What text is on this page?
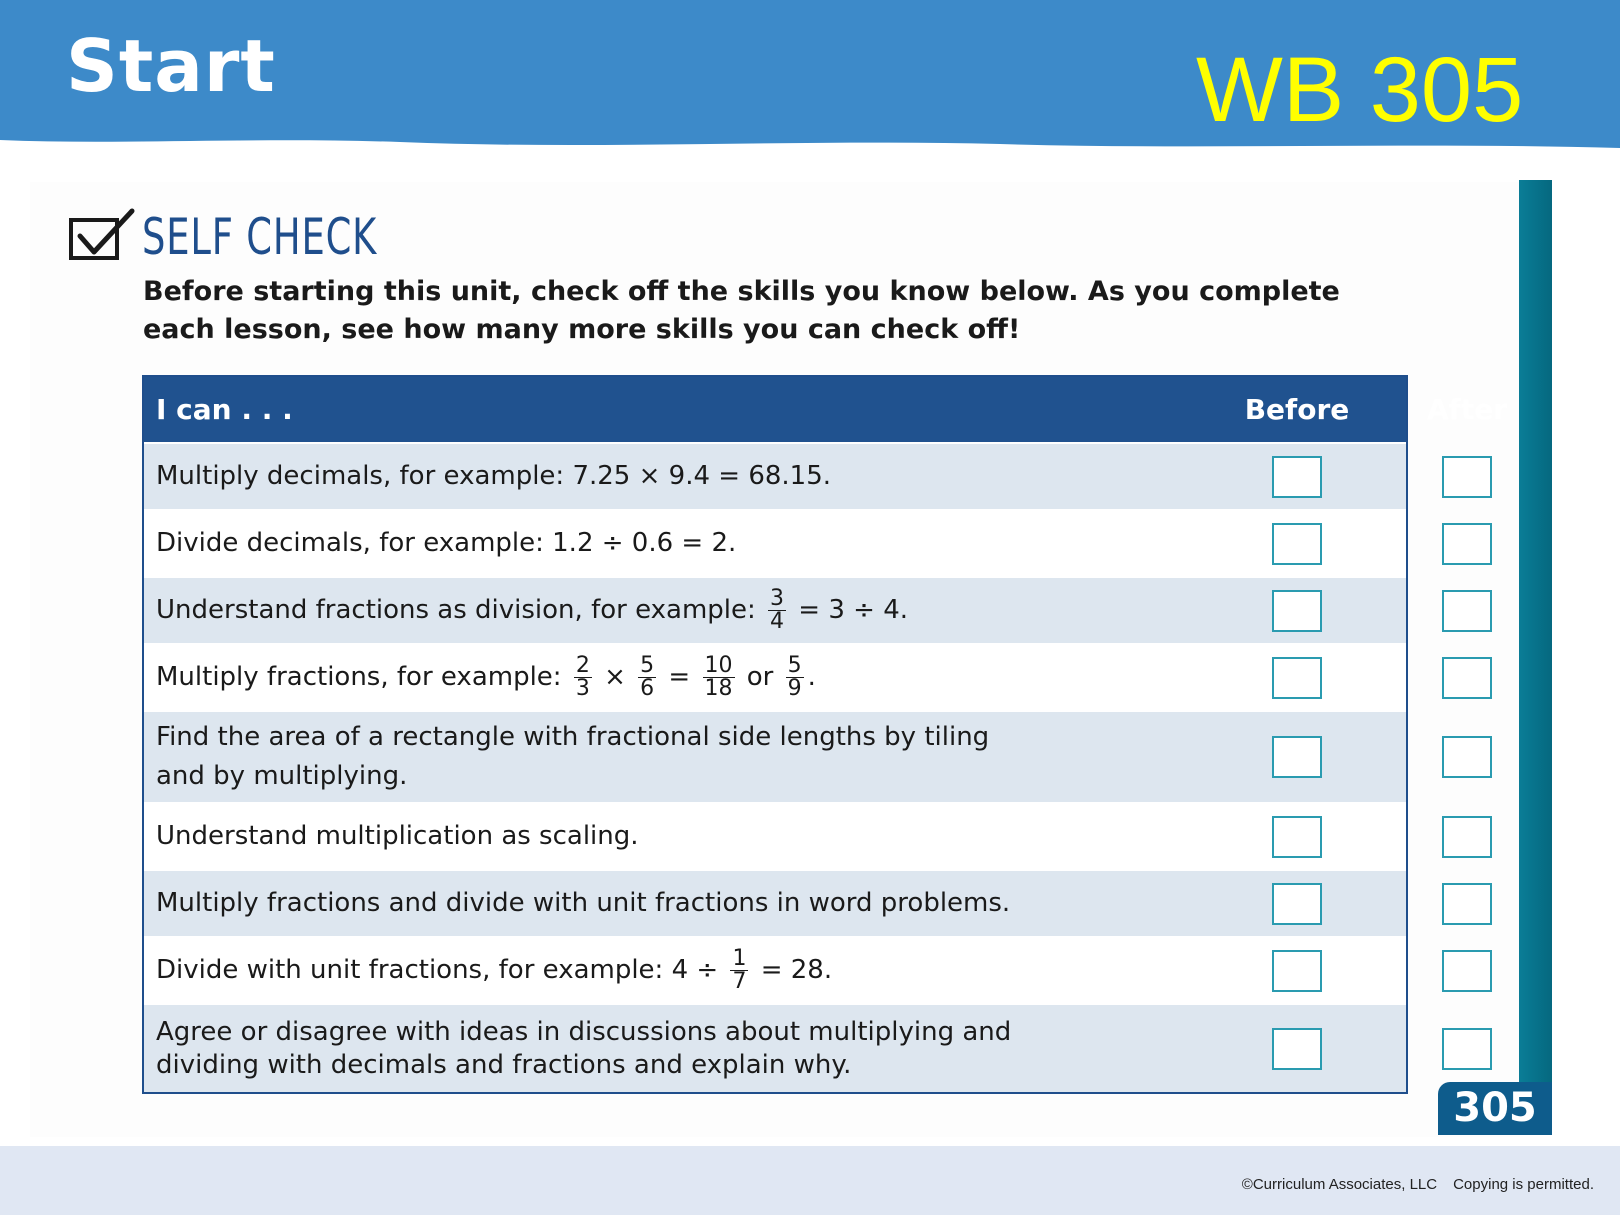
Start	WB 305
SELF CHECK
Before starting this unit, check off the skills you know below. As you complete each lesson, see how many more skills you can check off!
I can . . .	Before	After
Multiply decimals, for example: 7.25 × 9.4 = 68.15.
Divide decimals, for example: 1.2 ÷ 0.6 = 2.
Understand fractions as division, for example: $\frac{3}{4} = 3 \div 4$.
Multiply fractions, for example: $\frac{2}{3} \times \frac{5}{6} = \frac{10}{18}$ or $\frac{5}{9}$ .
Find the area of a rectangle with fractional side lengths by tiling
and by multiplying.
Understand multiplication as scaling.
Multiply fractions and divide with unit fractions in word problems.
Divide with unit fractions, for example: $4 \div \frac{1}{7} = 28$.
Agree or disagree with ideas in discussions about multiplying and
dividing with decimals and fractions and explain why.
305
©Curriculum Associates, LLC Copying is permitted.
